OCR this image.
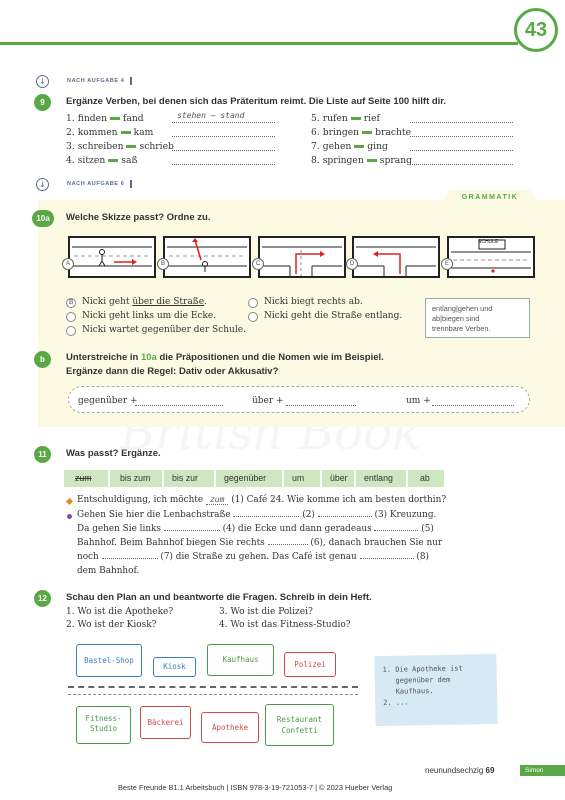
43
↓	NACH AUFGABE 4
9	Ergänze Verben, bei denen sich das Präteritum reimt. Die Liste auf Seite 100 hilft dir.
1. finden fand	stehen – stand
2. kommen kam
3. schreiben schrieb
4. sitzen saß
5. rufen rief
6. bringen brachte
7. gehen ging
8. springen sprang
↓	NACH AUFGABE 6
GRAMMATIK
10a	Welche Skizze passt? Ordne zu.
A	B	C	D
SCHULE
E
B Nicki geht über die Straße.
Nicki geht links um die Ecke.
Nicki wartet gegenüber der Schule.
Nicki biegt rechts ab.
Nicki geht die Straße entlang.
entlang|gehen und
ab|biegen sind
trennbare Verben.
b	Unterstreiche in 10a die Präpositionen und die Nomen wie im Beispiel.
Ergänze dann die Regel: Dativ oder Akkusativ?
gegenüber +	über +	um +
11	Was passt? Ergänze.
zum	bis zum bis zur	gegenüber	um	über entlang	ab
Entschuldigung, ich möchte zum (1) Café 24. Wie komme ich am besten dorthin?
Gehen Sie hier die Lenbachstraße	(2)	(3) Kreuzung.
Da gehen Sie links	(4) die Ecke und dann geradeaus	(5)
Bahnhof. Beim Bahnhof biegen Sie rechts	(6), danach brauchen Sie nur
noch	(7) die Straße zu gehen. Das Café ist genau	(8)
dem Bahnhof.
12	Schau den Plan an und beantworte die Fragen. Schreib in dein Heft.
1. Wo ist die Apotheke?
2. Wo ist der Kiosk?
3. Wo ist die Polizei?
4. Wo ist das Fitness-Studio?
Bastel-Shop
Kiosk
Kaufhaus
Polizei
Fitness-
Studio
Bäckerei
Apotheke
Restaurant
Confetti
1. Die Apotheke ist
gegenüber dem
Kaufhaus.
2. ...
neunundsechzig 69	Simon
Beste Freunde B1.1 Arbeitsbuch | ISBN 978-3-19-721053-7 | © 2023 Hueber Verlag
